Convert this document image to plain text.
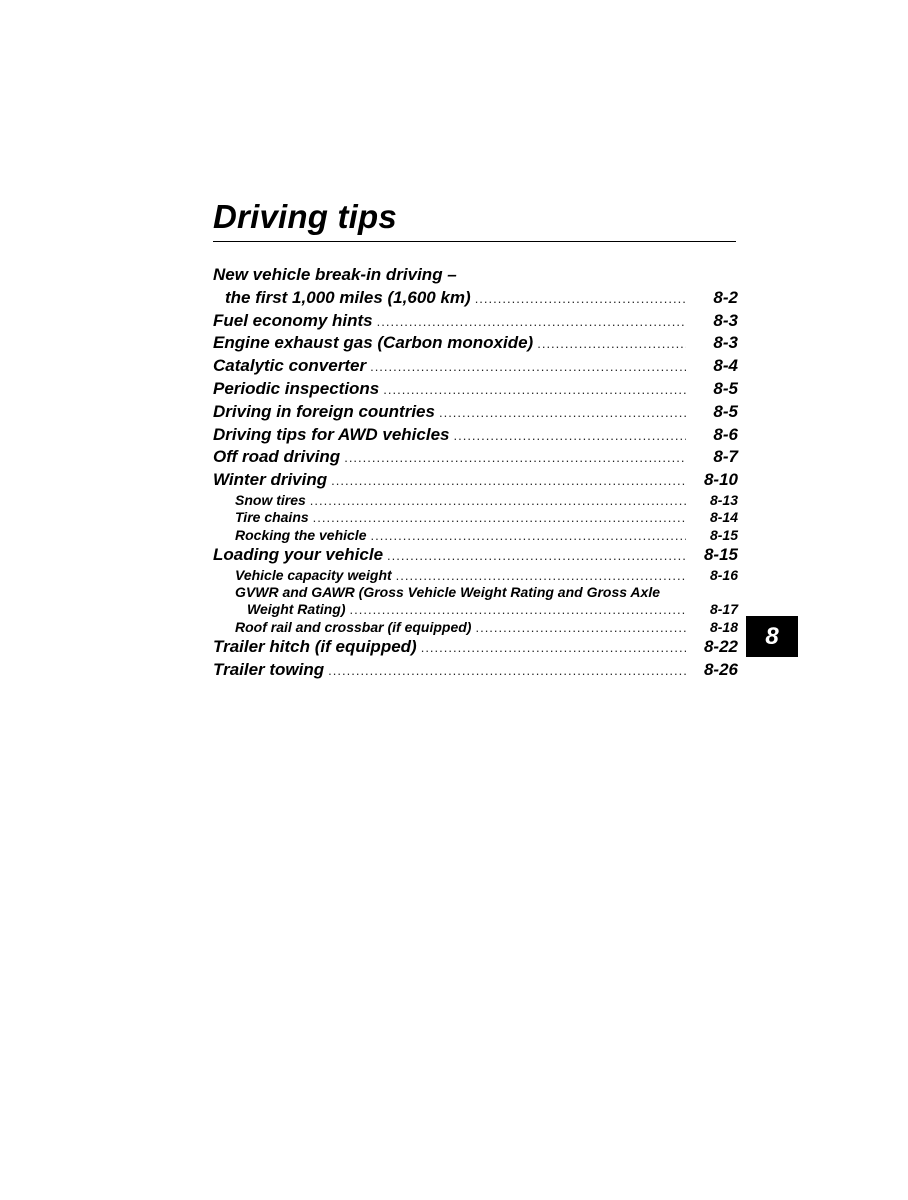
Driving tips
New vehicle break-in driving –
the first 1,000 miles (1,600 km) .....	8-2
Fuel economy hints .....	8-3
Engine exhaust gas (Carbon monoxide) .....	8-3
Catalytic converter .....	8-4
Periodic inspections .....	8-5
Driving in foreign countries .....	8-5
Driving tips for AWD vehicles .....	8-6
Off road driving .....	8-7
Winter driving .....	8-10
Snow tires .....	8-13
Tire chains .....	8-14
Rocking the vehicle .....	8-15
Loading your vehicle .....	8-15
Vehicle capacity weight .....	8-16
GVWR and GAWR (Gross Vehicle Weight Rating and Gross Axle
Weight Rating) .....	8-17
Roof rail and crossbar (if equipped) .....	8-18
Trailer hitch (if equipped) .....	8-22
Trailer towing .....	8-26
8
